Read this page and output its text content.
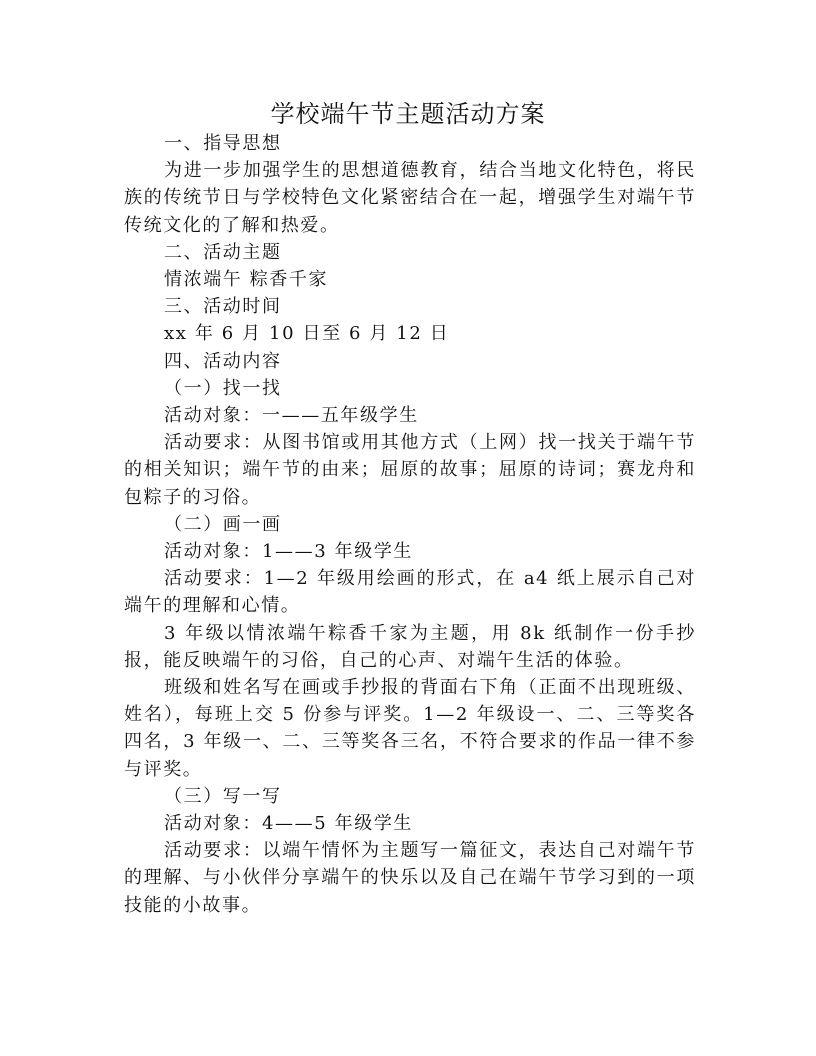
学校端午节主题活动方案

一、指导思想

为进一步加强学生的思想道德教育，结合当地文化特色，将民族的传统节日与学校特色文化紧密结合在一起，增强学生对端午节传统文化的了解和热爱。

二、活动主题

情浓端午 粽香千家

三、活动时间

xx 年 6 月 10 日至 6 月 12 日

四、活动内容

（一）找一找

活动对象：一——五年级学生

活动要求：从图书馆或用其他方式（上网）找一找关于端午节的相关知识；端午节的由来；屈原的故事；屈原的诗词；赛龙舟和包粽子的习俗。

（二）画一画

活动对象：1——3 年级学生

活动要求：1—2 年级用绘画的形式，在 a4 纸上展示自己对端午的理解和心情。

3 年级以情浓端午粽香千家为主题，用 8k 纸制作一份手抄报，能反映端午的习俗，自己的心声、对端午生活的体验。

班级和姓名写在画或手抄报的背面右下角（正面不出现班级、姓名），每班上交 5 份参与评奖。1—2 年级设一、二、三等奖各四名，3 年级一、二、三等奖各三名，不符合要求的作品一律不参与评奖。

（三）写一写

活动对象：4——5 年级学生

活动要求：以端午情怀为主题写一篇征文，表达自己对端午节的理解、与小伙伴分享端午的快乐以及自己在端午节学习到的一项技能的小故事。
